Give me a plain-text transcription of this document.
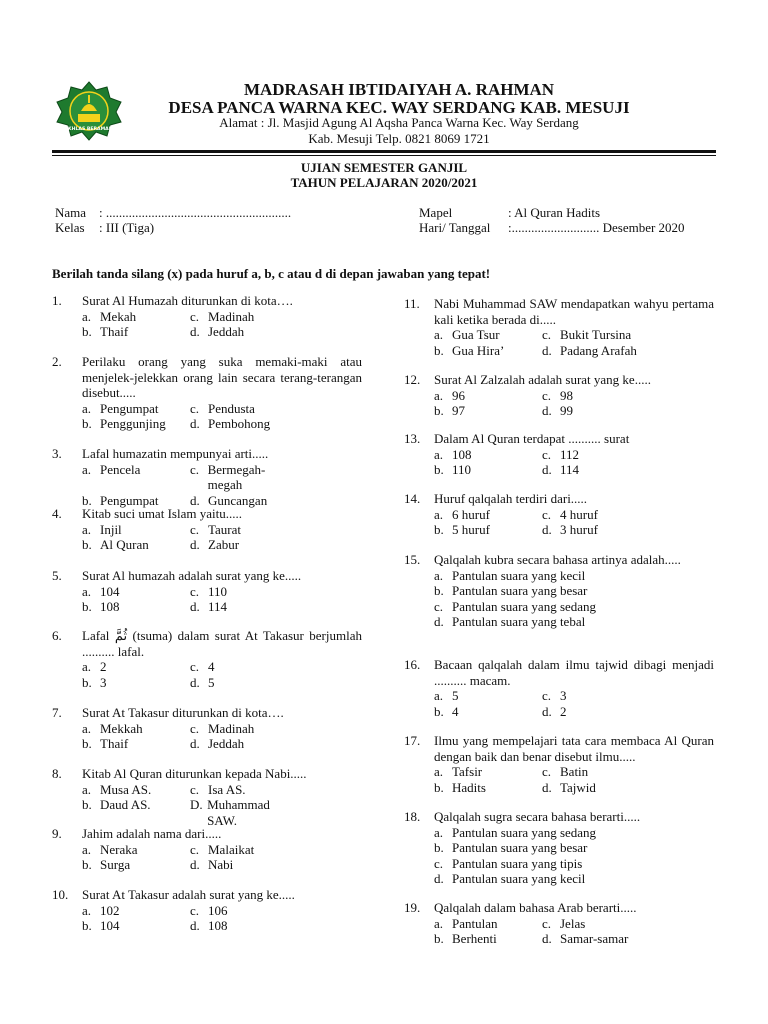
IKHLAS BERAMAL
MADRASAH IBTIDAIYAH A. RAHMAN
DESA PANCA WARNA KEC. WAY SERDANG KAB. MESUJI
Alamat : Jl. Masjid Agung Al Aqsha Panca Warna Kec. Way Serdang
Kab. Mesuji Telp. 0821 8069 1721
UJIAN SEMESTER GANJIL
TAHUN PELAJARAN 2020/2021
Nama : .........................................................
Kelas : III (Tiga)
Mapel	: Al Quran Hadits
Hari/ Tanggal :........................... Desember 2020
Berilah tanda silang (x) pada huruf a, b, c atau d di depan jawaban yang tepat!
1. Surat Al Humazah diturunkan di kota….
a. Mekah	c. Madinah
b. Thaif	d. Jeddah
2. Perilaku orang yang suka memaki-maki atau menjelek-jelekkan orang lain secara terang-terangan disebut.....
a. Pengumpat c. Pendusta
b. Penggunjing d. Pembohong
3. Lafal humazatin mempunyai arti.....
a. Pencela	c. Bermegah-megah
b. Pengumpat d. Guncangan
4. Kitab suci umat Islam yaitu.....
a. Injil	c. Taurat
b. Al Quran	d. Zabur
5. Surat Al humazah adalah surat yang ke.....
a. 104	c. 110
b. 108	d. 114
6. Lafal ثُمَّ (tsuma) dalam surat At Takasur berjumlah .......... lafal.
a. 2	c. 4
b. 3	d. 5
7. Surat At Takasur diturunkan di kota….
a. Mekkah	c. Madinah
b. Thaif	d. Jeddah
8. Kitab Al Quran diturunkan kepada Nabi.....
a. Musa AS.	c. Isa AS.
b. Daud AS.	D. Muhammad SAW.
9. Jahim adalah nama dari.....
a. Neraka	c. Malaikat
b. Surga	d. Nabi
10. Surat At Takasur adalah surat yang ke.....
a. 102	c. 106
b. 104	d. 108
11. Nabi Muhammad SAW mendapatkan wahyu pertama kali ketika berada di.....
a. Gua Tsur	c. Bukit Tursina
b. Gua Hira’	d. Padang Arafah
12. Surat Al Zalzalah adalah surat yang ke.....
a. 96	c. 98
b. 97	d. 99
13. Dalam Al Quran terdapat .......... surat
a. 108	c. 112
b. 110	d. 114
14. Huruf qalqalah terdiri dari.....
a. 6 huruf	c. 4 huruf
b. 5 huruf	d. 3 huruf
15. Qalqalah kubra secara bahasa artinya adalah.....
a. Pantulan suara yang kecil
b. Pantulan suara yang besar
c. Pantulan suara yang sedang
d. Pantulan suara yang tebal
16. Bacaan qalqalah dalam ilmu tajwid dibagi menjadi .......... macam.
a. 5	c. 3
b. 4	d. 2
17. Ilmu yang mempelajari tata cara membaca Al Quran dengan baik dan benar disebut ilmu.....
a. Tafsir	c. Batin
b. Hadits	d. Tajwid
18. Qalqalah sugra secara bahasa berarti.....
a. Pantulan suara yang sedang
b. Pantulan suara yang besar
c. Pantulan suara yang tipis
d. Pantulan suara yang kecil
19. Qalqalah dalam bahasa Arab berarti.....
a. Pantulan	c. Jelas
b. Berhenti	d. Samar-samar
